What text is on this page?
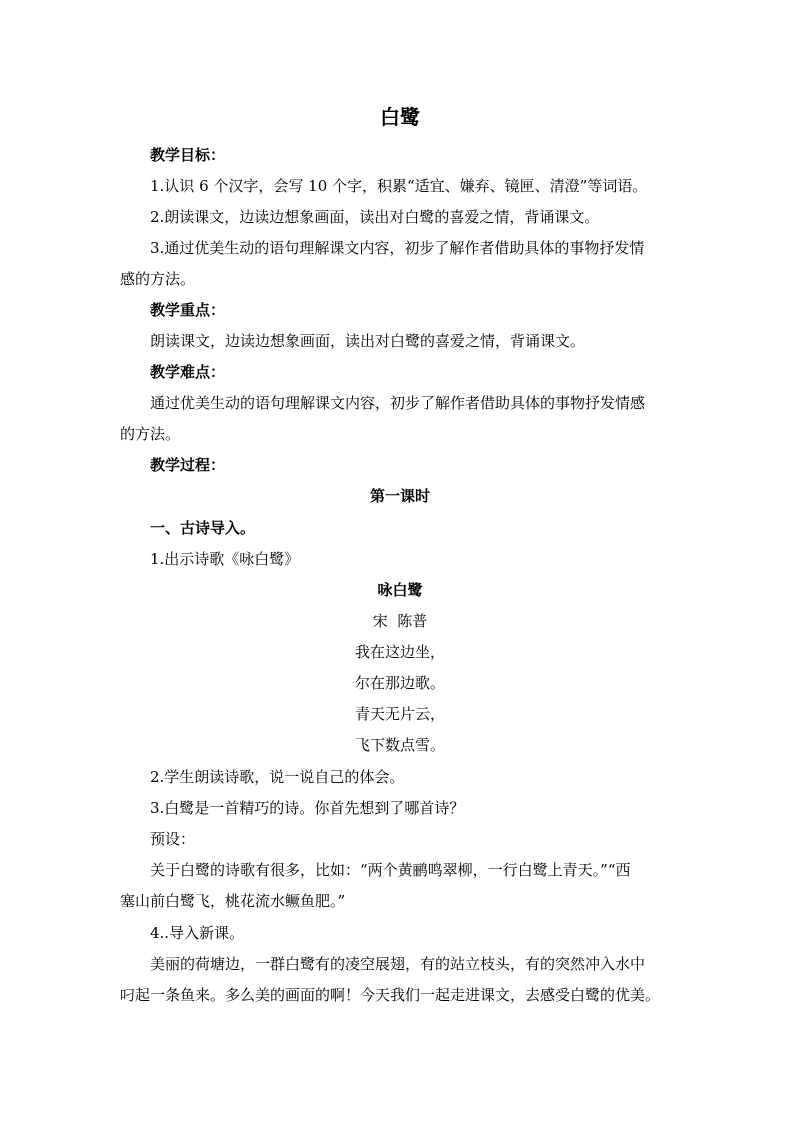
白鹭
教学目标：
1.认识 6 个汉字，会写 10 个字，积累“适宜、嫌弃、镜匣、清澄”等词语。
2.朗读课文，边读边想象画面，读出对白鹭的喜爱之情，背诵课文。
3.通过优美生动的语句理解课文内容，初步了解作者借助具体的事物抒发情
感的方法。
教学重点：
朗读课文，边读边想象画面，读出对白鹭的喜爱之情，背诵课文。
教学难点：
通过优美生动的语句理解课文内容，初步了解作者借助具体的事物抒发情感
的方法。
教学过程：
第一课时
一、古诗导入。
1.出示诗歌《咏白鹭》
咏白鹭
宋  陈普
我在这边坐，
尔在那边歌。
青天无片云，
飞下数点雪。
2.学生朗读诗歌，说一说自己的体会。
3.白鹭是一首精巧的诗。你首先想到了哪首诗？
预设：
关于白鹭的诗歌有很多，比如：“两个黄鹂鸣翠柳，一行白鹭上青天。”“西
塞山前白鹭飞，桃花流水鳜鱼肥。”
4..导入新课。
美丽的荷塘边，一群白鹭有的凌空展翅，有的站立枝头，有的突然冲入水中
叼起一条鱼来。多么美的画面的啊！今天我们一起走进课文，去感受白鹭的优美。
